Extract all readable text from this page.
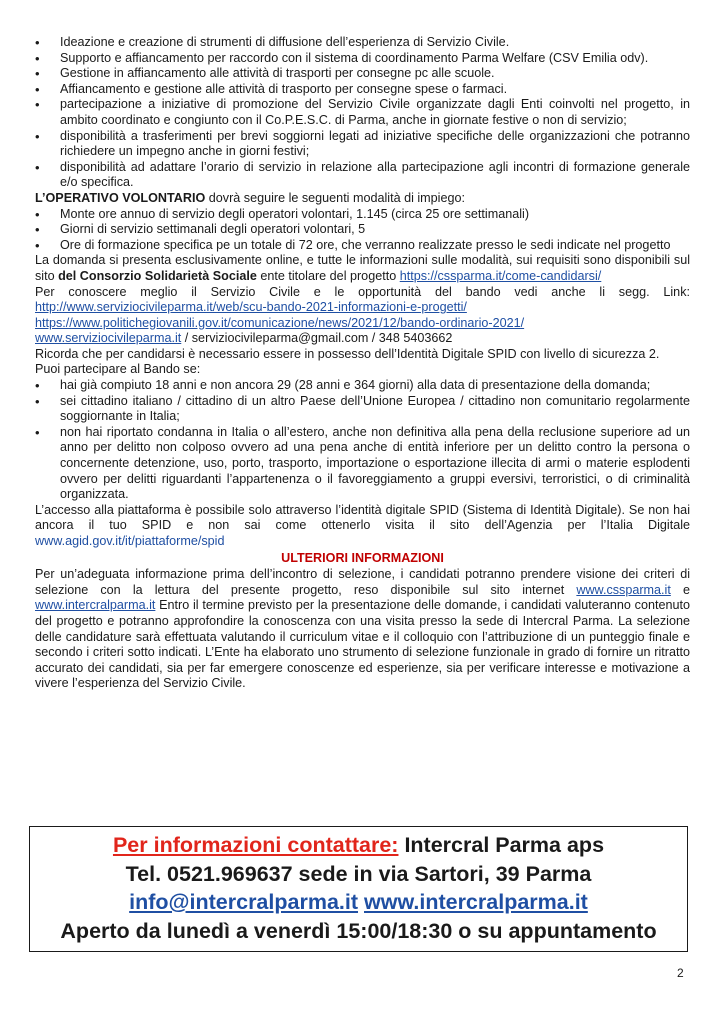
• Ideazione e creazione di strumenti di diffusione dell’esperienza di Servizio Civile.
• Supporto e affiancamento per raccordo con il sistema di coordinamento Parma Welfare (CSV Emilia odv).
• Gestione in affiancamento alle attività di trasporti per consegne pc alle scuole.
• Affiancamento e gestione alle attività di trasporto per consegne spese o farmaci.
• partecipazione a iniziative di promozione del Servizio Civile organizzate dagli Enti coinvolti nel progetto, in ambito coordinato e congiunto con il Co.P.E.S.C. di Parma, anche in giornate festive o non di servizio;
• disponibilità a trasferimenti per brevi soggiorni legati ad iniziative specifiche delle organizzazioni che potranno richiedere un impegno anche in giorni festivi;
• disponibilità ad adattare l’orario di servizio in relazione alla partecipazione agli incontri di formazione generale e/o specifica.

L’OPERATIVO VOLONTARIO dovrà seguire le seguenti modalità di impiego:

• Monte ore annuo di servizio degli operatori volontari, 1.145 (circa 25 ore settimanali)
• Giorni di servizio settimanali degli operatori volontari, 5
• Ore di formazione specifica pe un totale di 72 ore, che verranno realizzate presso le sedi indicate nel progetto

La domanda si presenta esclusivamente online, e tutte le informazioni sulle modalità, sui requisiti sono disponibili sul sito del Consorzio Solidarietà Sociale ente titolare del progetto https://cssparma.it/come-candidarsi/

Per conoscere meglio il Servizio Civile e le opportunità del bando vedi anche li segg. Link: http://www.serviziocivileparma.it/web/scu-bando-2021-informazioni-e-progetti/
https://www.politichegiovanili.gov.it/comunicazione/news/2021/12/bando-ordinario-2021/
www.serviziocivileparma.it / serviziocivileparma@gmail.com / 348 5403662

Ricorda che per candidarsi è necessario essere in possesso dell’Identità Digitale SPID con livello di sicurezza 2.

Puoi partecipare al Bando se:

• hai già compiuto 18 anni e non ancora 29 (28 anni e 364 giorni) alla data di presentazione della domanda;
• sei cittadino italiano / cittadino di un altro Paese dell’Unione Europea / cittadino non comunitario regolarmente soggiornante in Italia;
• non hai riportato condanna in Italia o all’estero, anche non definitiva alla pena della reclusione superiore ad un anno per delitto non colposo ovvero ad una pena anche di entità inferiore per un delitto contro la persona o concernente detenzione, uso, porto, trasporto, importazione o esportazione illecita di armi o materie esplodenti ovvero per delitti riguardanti l’appartenenza o il favoreggiamento a gruppi eversivi, terroristici, o di criminalità organizzata.

L’accesso alla piattaforma è possibile solo attraverso l’identità digitale SPID (Sistema di Identità Digitale). Se non hai ancora il tuo SPID e non sai come ottenerlo visita il sito dell’Agenzia per l’Italia Digitale www.agid.gov.it/it/piattaforme/spid

ULTERIORI INFORMAZIONI

Per un’adeguata informazione prima dell’incontro di selezione, i candidati potranno prendere visione dei criteri di selezione con la lettura del presente progetto, reso disponibile sul sito internet www.cssparma.it e www.intercralparma.it Entro il termine previsto per la presentazione delle domande, i candidati valuteranno contenuto del progetto e potranno approfondire la conoscenza con una visita presso la sede di Intercral Parma. La selezione delle candidature sarà effettuata valutando il curriculum vitae e il colloquio con l’attribuzione di un punteggio finale e secondo i criteri sotto indicati. L’Ente ha elaborato uno strumento di selezione funzionale in grado di fornire un ritratto accurato dei candidati, sia per far emergere conoscenze ed esperienze, sia per verificare interesse e motivazione a vivere l’esperienza del Servizio Civile.

Per informazioni contattare: Intercral Parma aps
Tel. 0521.969637 sede in via Sartori, 39 Parma
info@intercralparma.it www.intercralparma.it
Aperto da lunedì a venerdì 15:00/18:30 o su appuntamento
2
